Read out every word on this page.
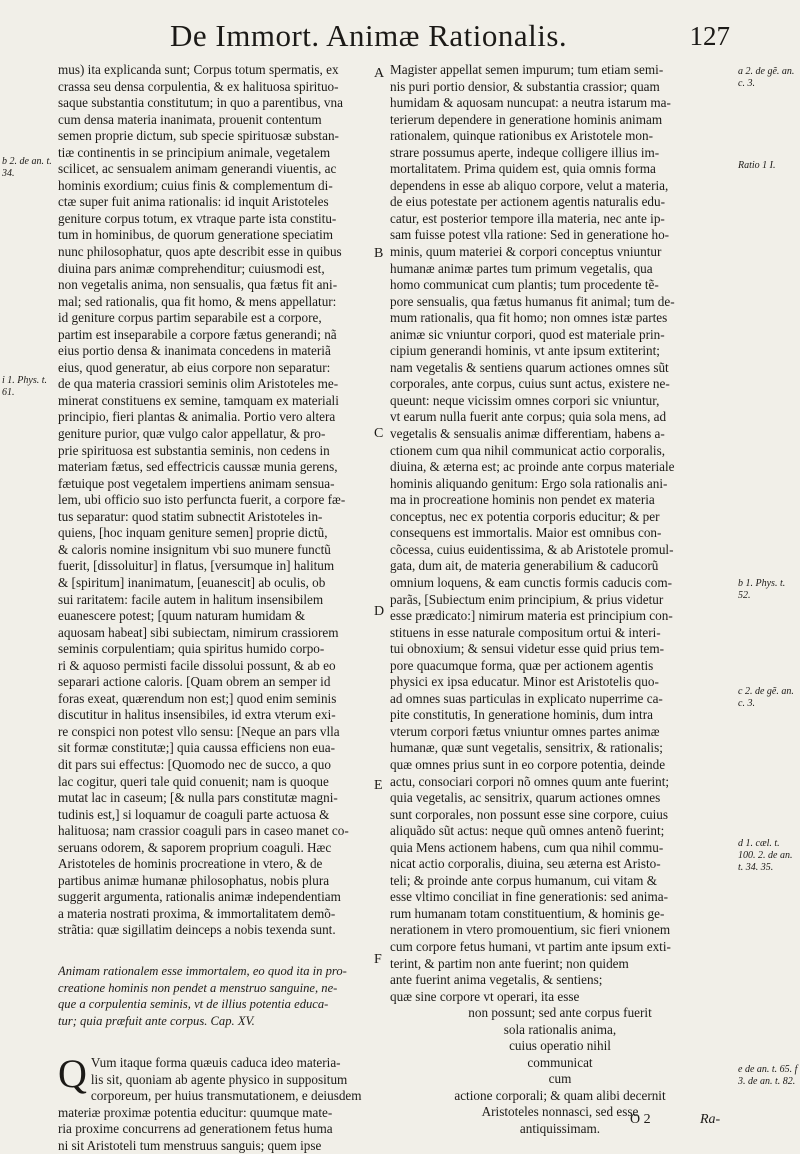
De Immort. Animæ Rationalis.	127
b 2. de an. t. 34.
i 1. Phys. t. 61.
a 2. de gẽ. an. c. 3.
Ratio 1 I.
b 1. Phys. t. 52.
c 2. de gẽ. an. c. 3.
d 1. cæl. t. 100. 2. de an. t. 34. 35.
e de an. t. 65. f 3. de an. t. 82.
A
B
C
D
E
F
mus) ita explicanda sunt; Corpus totum spermatis, ex
crassa seu densa corpulentia, & ex halituosa spirituo-
saque substantia constitutum; in quo a parentibus, vna
cum densa materia inanimata, prouenit contentum
semen proprie dictum, sub specie spirituosæ substan-
tiæ continentis in se principium animale, vegetalem
scilicet, ac sensualem animam generandi viuentis, ac
hominis exordium; cuius finis & complementum di-
ctæ super fuit anima rationalis: id inquit Aristoteles
geniture corpus totum, ex vtraque parte ista constitu-
tum in hominibus, de quorum generatione speciatim
nunc philosophatur, quos apte describit esse in quibus
diuina pars animæ comprehenditur; cuiusmodi est,
non vegetalis anima, non sensualis, qua fætus fit ani-
mal; sed rationalis, qua fit homo, & mens appellatur:
id geniture corpus partim separabile est a corpore,
partim est inseparabile a corpore fætus generandi; nã
eius portio densa & inanimata concedens in materiã
eius, quod generatur, ab eius corpore non separatur:
de qua materia crassiori seminis olim Aristoteles me-
minerat constituens ex semine, tamquam ex materiali
principio, fieri plantas & animalia. Portio vero altera
geniture purior, quæ vulgo calor appellatur, & pro-
prie spirituosa est substantia seminis, non cedens in
materiam fætus, sed effectricis caussæ munia gerens,
fætuique post vegetalem impertiens animam sensua-
lem, ubi officio suo isto perfuncta fuerit, a corpore fæ-
tus separatur: quod statim subnectit Aristoteles in-
quiens, [hoc inquam geniture semen] proprie dictũ,
& caloris nomine insignitum vbi suo munere functũ
fuerit, [dissoluitur] in flatus, [versumque in] halitum
& [spiritum] inanimatum, [euanescit] ab oculis, ob
sui raritatem: facile autem in halitum insensibilem
euanescere potest; [quum naturam humidam &
aquosam habeat] sibi subiectam, nimirum crassiorem
seminis corpulentiam; quia spiritus humido corpo-
ri & aquoso permisti facile dissolui possunt, & ab eo
separari actione caloris. [Quam obrem an semper id
foras exeat, quærendum non est;] quod enim seminis
discutitur in halitus insensibiles, id extra vterum exi-
re conspici non potest vllo sensu: [Neque an pars vlla
sit formæ constitutæ;] quia caussa efficiens non eua-
dit pars sui effectus: [Quomodo nec de succo, a quo
lac cogitur, queri tale quid conuenit; nam is quoque
mutat lac in caseum; [& nulla pars constitutæ magni-
tudinis est,] si loquamur de coaguli parte actuosa &
halituosa; nam crassior coaguli pars in caseo manet co-
seruans odorem, & saporem proprium coaguli. Hæc
Aristoteles de hominis procreatione in vtero, & de
partibus animæ humanæ philosophatus, nobis plura
suggerit argumenta, rationalis animæ independentiam
a materia nostrati proxima, & immortalitatem demõ-
strãtia: quæ sigillatim deinceps a nobis texenda sunt.
Animam rationalem esse immortalem, eo quod ita in pro-
creatione hominis non pendet a menstruo sanguine, ne-
que a corpulentia seminis, vt de illius potentia educa-
tur; quia præfuit ante corpus. Cap. XV.
Q Vum itaque forma quæuis caduca ideo materia-
lis sit, quoniam ab agente physico in suppositum
corporeum, per huius transmutationem, e deiusdem
materiæ proximæ potentia educitur: quumque mate-
ria proxime concurrens ad generationem fetus huma
ni sit Aristoteli tum menstruus sanguis; quem ipse
Magister appellat semen impurum; tum etiam semi-
nis puri portio densior, & substantia crassior; quam
humidam & aquosam nuncupat: a neutra istarum ma-
terierum dependere in generatione hominis animam
rationalem, quinque rationibus ex Aristotele mon-
strare possumus aperte, indeque colligere illius im-
mortalitatem. Prima quidem est, quia omnis forma
dependens in esse ab aliquo corpore, velut a materia,
de eius potestate per actionem agentis naturalis edu-
catur, est posterior tempore illa materia, nec ante ip-
sam fuisse potest vlla ratione: Sed in generatione ho-
minis, quum materiei & corpori conceptus vniuntur
humanæ animæ partes tum primum vegetalis, qua
homo communicat cum plantis; tum procedente tẽ-
pore sensualis, qua fætus humanus fit animal; tum de-
mum rationalis, qua fit homo; non omnes istæ partes
animæ sic vniuntur corpori, quod est materiale prin-
cipium generandi hominis, vt ante ipsum extiterint;
nam vegetalis & sentiens quarum actiones omnes sũt
corporales, ante corpus, cuius sunt actus, existere ne-
queunt: neque vicissim omnes corpori sic vniuntur,
vt earum nulla fuerit ante corpus; quia sola mens, ad
vegetalis & sensualis animæ differentiam, habens a-
ctionem cum qua nihil communicat actio corporalis,
diuina, & æterna est; ac proinde ante corpus materiale
hominis aliquando genitum: Ergo sola rationalis ani-
ma in procreatione hominis non pendet ex materia
conceptus, nec ex potentia corporis educitur; & per
consequens est immortalis. Maior est omnibus con-
cõcessa, cuius euidentissima, & ab Aristotele promul-
gata, dum ait, de materia generabilium & caducorũ
omnium loquens, & eam cunctis formis caducis com-
parãs, [Subiectum enim principium, & prius videtur
esse prædicato:] nimirum materia est principium con-
stituens in esse naturale compositum ortui & interi-
tui obnoxium; & sensui videtur esse quid prius tem-
pore quacumque forma, quæ per actionem agentis
physici ex ipsa educatur. Minor est Aristotelis quo-
ad omnes suas particulas in explicato nuperrime ca-
pite constitutis, In generatione hominis, dum intra
vterum corpori fætus vniuntur omnes partes animæ
humanæ, quæ sunt vegetalis, sensitrix, & rationalis;
quæ omnes prius sunt in eo corpore potentia, deinde
actu, consociari corpori nõ omnes quum ante fuerint;
quia vegetalis, ac sensitrix, quarum actiones omnes
sunt corporales, non possunt esse sine corpore, cuius
aliquãdo sũt actus: neque quũ omnes antenõ fuerint;
quia Mens actionem habens, cum qua nihil commu-
nicat actio corporalis, diuina, seu æterna est Aristo-
teli; & proinde ante corpus humanum, cui vitam &
esse vltimo conciliat in fine generationis: sed anima-
rum humanam totam constituentium, & hominis ge-
nerationem in vtero promouentium, sic fieri vnionem
cum corpore fetus humani, vt partim ante ipsum exti-
terint, & partim non ante fuerint; non quidem
ante fuerint anima vegetalis, & sentiens;
quæ sine corpore vt operari, ita esse
non possunt; sed ante corpus fuerit
sola rationalis anima,
cuius operatio nihil
communicat
cum
actione corporali; & quam alibi decernit
Aristoteles nonnasci, sed esse
antiquissimam.
O 2	Ra-
